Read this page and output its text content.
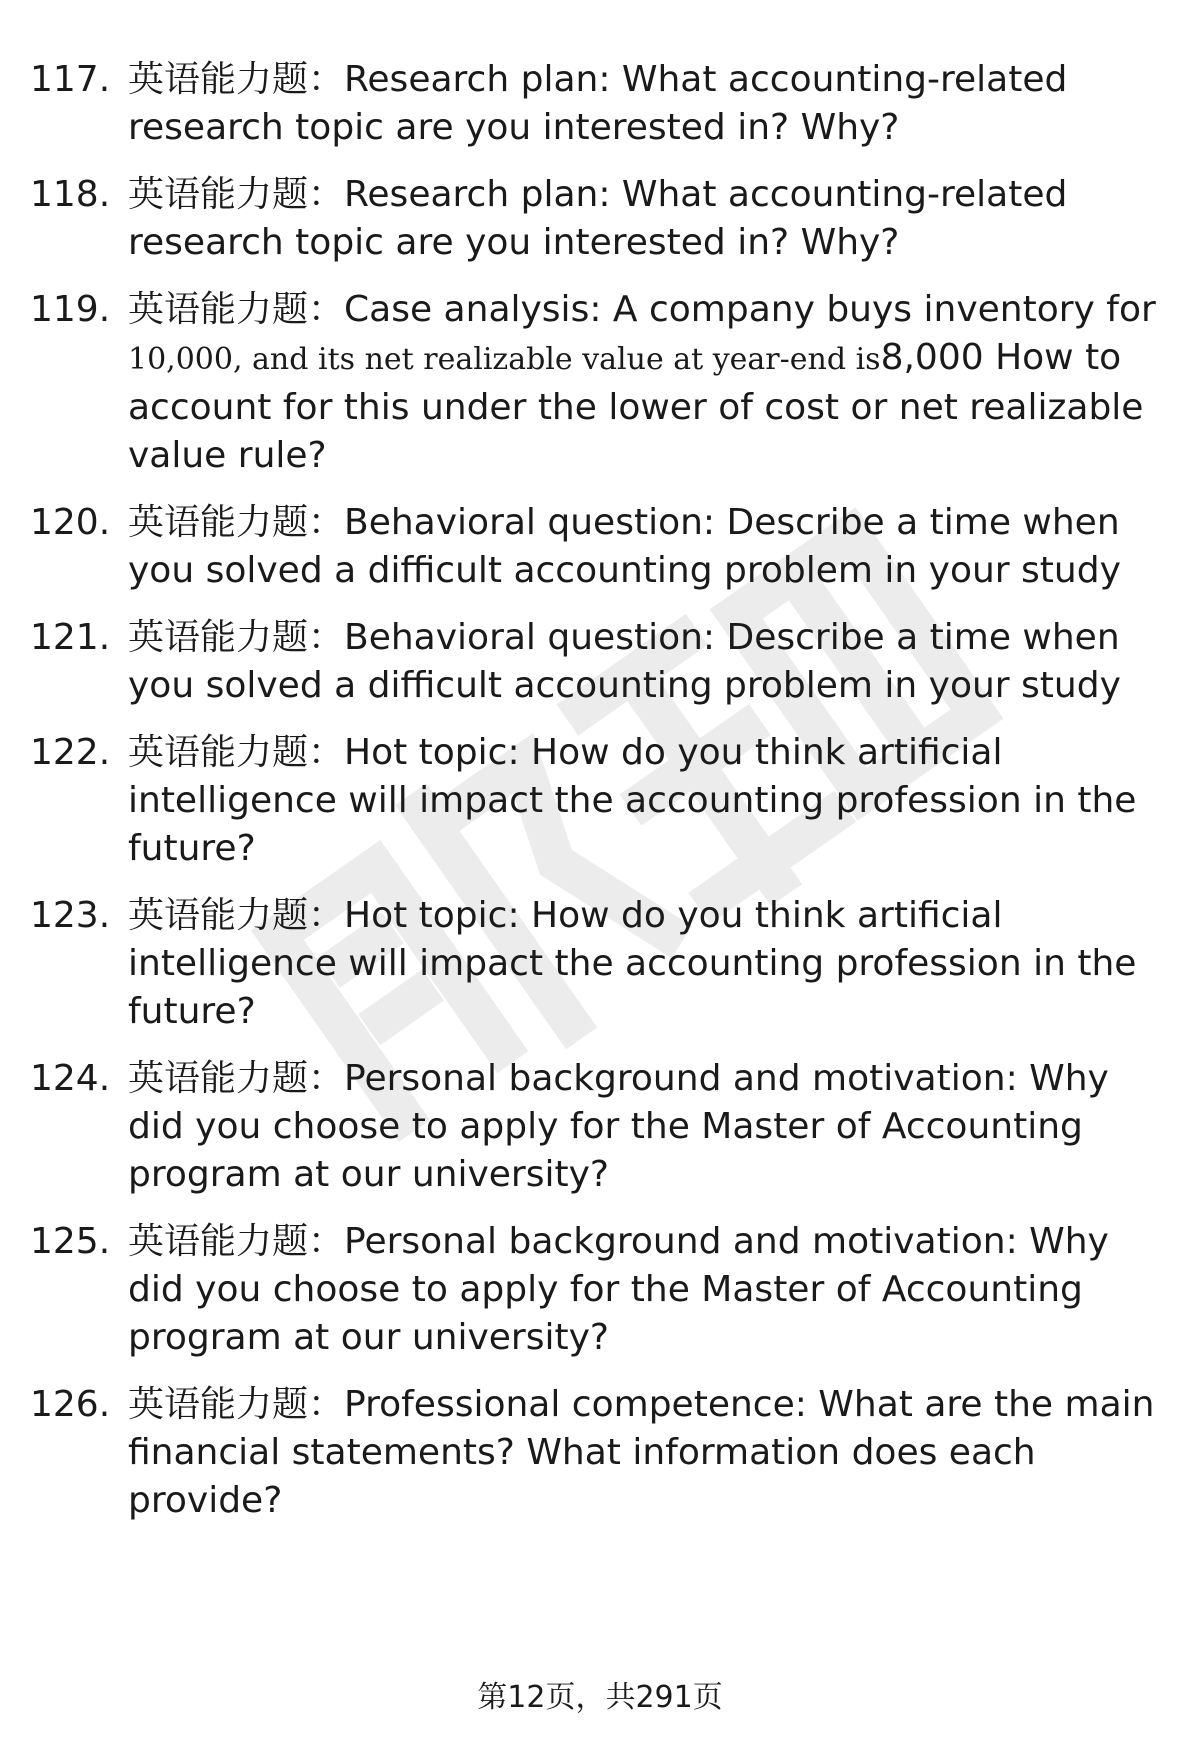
117. 英语能力题：Research plan: What accounting-related research topic are you interested in? Why?
118. 英语能力题：Research plan: What accounting-related research topic are you interested in? Why?
119. 英语能力题：Case analysis: A company buys inventory for 10,000, and its net realizable value at year-end is8,000 How to account for this under the lower of cost or net realizable value rule?
120. 英语能力题：Behavioral question: Describe a time when you solved a difficult accounting problem in your study
121. 英语能力题：Behavioral question: Describe a time when you solved a difficult accounting problem in your study
122. 英语能力题：Hot topic: How do you think artificial intelligence will impact the accounting profession in the future?
123. 英语能力题：Hot topic: How do you think artificial intelligence will impact the accounting profession in the future?
124. 英语能力题：Personal background and motivation: Why did you choose to apply for the Master of Accounting program at our university?
125. 英语能力题：Personal background and motivation: Why did you choose to apply for the Master of Accounting program at our university?
126. 英语能力题：Professional competence: What are the main financial statements? What information does each provide?
第12页，共291页
